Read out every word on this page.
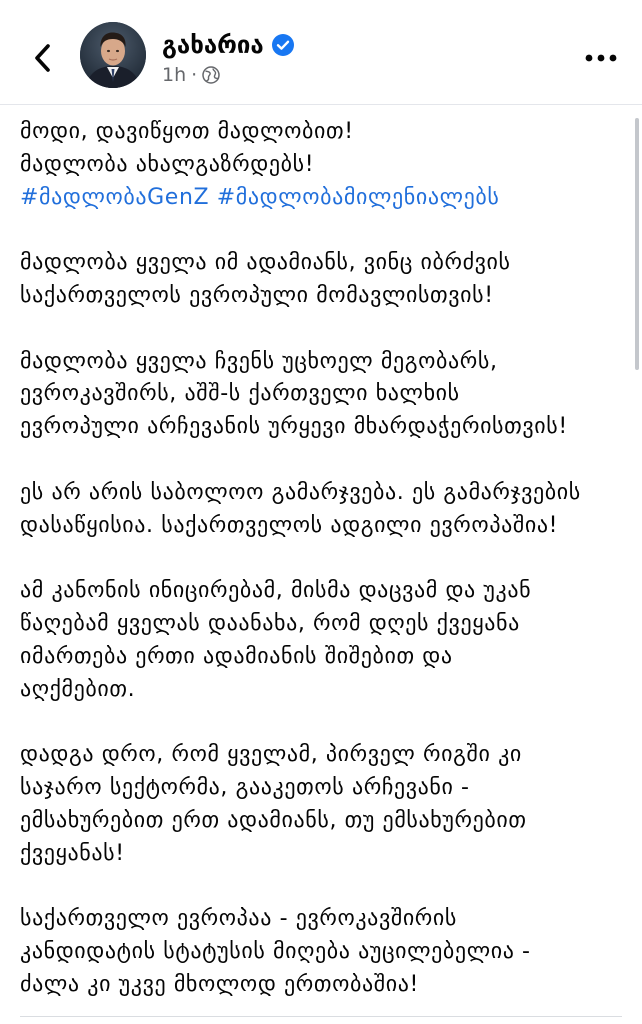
გახარია
1h ·
მოდი, დავიწყოთ მადლობით!
მადლობა ახალგაზრდებს!
#მადლობაGenZ #მადლობამილენიალებს
მადლობა ყველა იმ ადამიანს, ვინც იბრძვის
საქართველოს ევროპული მომავლისთვის!
მადლობა ყველა ჩვენს უცხოელ მეგობარს,
ევროკავშირს, აშშ-ს ქართველი ხალხის
ევროპული არჩევანის ურყევი მხარდაჭერისთვის!
ეს არ არის საბოლოო გამარჯვება. ეს გამარჯვების
დასაწყისია. საქართველოს ადგილი ევროპაშია!
ამ კანონის ინიცირებამ, მისმა დაცვამ და უკან
წაღებამ ყველას დაანახა, რომ დღეს ქვეყანა
იმართება ერთი ადამიანის შიშებით და
აღქმებით.
დადგა დრო, რომ ყველამ, პირველ რიგში კი
საჯარო სექტორმა, გააკეთოს არჩევანი -
ემსახურებით ერთ ადამიანს, თუ ემსახურებით
ქვეყანას!
საქართველო ევროპაა - ევროკავშირის
კანდიდატის სტატუსის მიღება აუცილებელია -
ძალა კი უკვე მხოლოდ ერთობაშია!
